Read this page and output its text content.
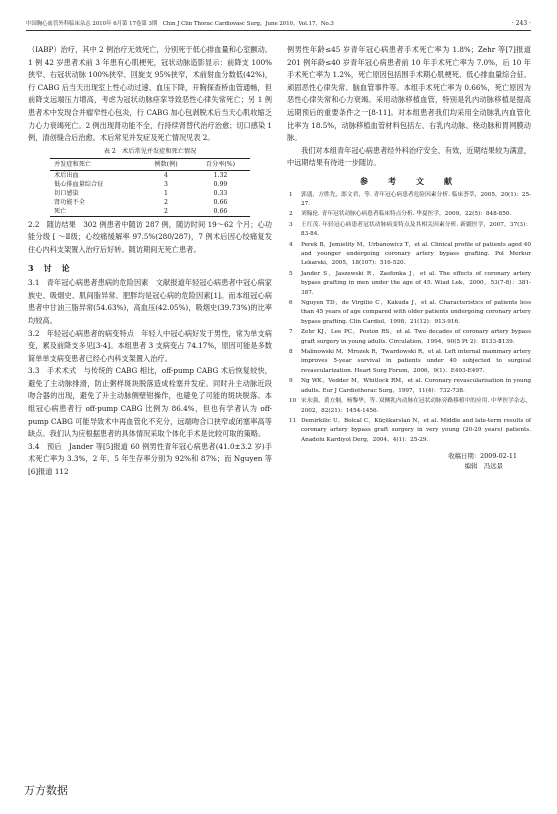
中国胸心血管外科临床杂志 2010年 6月第 17卷第 3期　Chin J Clin Thorac Cardiovasc Surg，June 2010，Vol.17，No.3	· 243 ·

（IABP）治疗，其中 2 例治疗无效死亡，分别死于低心排血量和心室颤动。1 例 42 岁患者术前 3 年患有心肌梗死，冠状动脉造影显示：前降支 100%狭窄、右冠状动脉 100%狭窄、回旋支 95%狭窄，术前射血分数低(42%)，行 CABG 后当天出现室上性心动过速、血压下降，开胸探查桥血管通畅，但前降支远端压力增高，考虑为冠状动脉痉挛导致恶性心律失常死亡；另 1 例患者术中发现合并瘤窄性心包炎，行 CABG 加心包剥脱术后当天心肌收缩乏力心力衰竭死亡。2 例出现肾功能不全，行持续肾替代治疗治愈；切口感染 1 例，清创缝合后治愈。术后常见并发症及死亡情况见表 2。

表 2　术后常见并发症和死亡情况
并发症和死亡	例数(例)	百分率(%)
术后出血	4	1.32
低心排血量综合征	3	0.99
切口感染	1	0.33
肾功能不全	2	0.66
死亡	2	0.66

2.2　随访结果　302 例患者中随访 287 例，随访时间 19～62 个月；心功能分级 [ ～Ⅱ级；心绞痛缓解率 97.5%(280/287)，7 例术后因心绞痛复发住心内科支架置入治疗后好转。随访期间无死亡患者。

3　讨　论

3.1　青年冠心病患者患病的危险因素　文献报道年轻冠心病患者中冠心病家族史、吸烟史、肌间脂异常、肥胖均是冠心病的危险因素[1]。而本组冠心病患者中甘油三脂异常(54.63%)，高血压(42.05%)，吸烟史(39.73%)的比率均较高。

3.2　年轻冠心病患者的病变特点　年轻人中冠心病好发于男性，常为单支病变，累及前降支多见[3-4]。本组患者 3 支病变占 74.17%，原因可能是多数简单单支病变患者已经心内科支架置入治疗。

3.3　手术术式　与传统的 CABG 相比，off-pump CABG 术后恢复较快，避免了主动脉排滑，防止粥样斑块脱落造成栓塞并发症。同时升主动脉近段吻合器的出现，避免了升主动脉侧壁钳操作，也避免了可能的斑块脱落。本组冠心病患者行 off-pump CABG 比例为 86.4%，但也有学者认为 off-pump CABG 可能导致术中再血管化不充分，远端吻合口狭窄或闭塞率高等缺点。我们认为应根据患者的具体情况采取个体化手术是比较可取的策略。

3.4　预后　Jander 等[5]报道 60 例男性青年冠心病患者(41.0±3.2 岁)手术死亡率为 3.3%，2 年、5 年生存率分别为 92%和 87%；而 Nguyen 等[6]报道 112

例男性年龄≤45 岁青年冠心病患者手术死亡率为 1.8%；Zehr 等[7]报道 201 例年龄≤40 岁青年冠心病患者前 10 年手术死亡率为 7.0%，后 10 年手术死亡率为 1.2%，死亡原因包括围手术期心肌梗死、低心排血量综合征、顽固恶性心律失常、脑血管事件等。本组手术死亡率为 0.66%，死亡原因为恶性心律失常和心力衰竭。采用动脉移植血管，特别是乳内动脉移植是提高远期预后的重要条件之一[8-11]。对本组患者我们均采用全动脉乳内血管化比率为 18.5%，动脉移植血管材料包括左、右乳内动脉、桡动脉和胃网膜动脉。

我们对本组青年冠心病患者经外科治疗安全、有效，近期结果较为满意，中远期结果有待进一步随访。

参　考　文　献
1 郭盛，方胜先，郎文君，等. 青年冠心病患者危险因素分析. 临床荟萃，2005，20(1)：25-27.
2 刘翰伦. 青年冠状动脉心病患者临床特点分析. 华夏医学，2009，22(5)：848-850.
3 王红茂. 年轻冠心病患者冠状动脉病变特点及其相关因素分析. 新疆医学，2007，37(3)：83-84.
4 Perek B，Jemielity M，Urbanowicz T，et al. Clinical profile of patients aged 40 and younger undergoing coronary artery bypass grafting. Pol Merkur Lekarski，2005，18(107)：516-520.
5 Jander S，Jaszewski R，Zasfonka J，et al. The effects of coronary artery bypass grafting in men under the age of 45. Wiad Lek，2000，53(7-8)：381-387.
6 Nguyen TD，de Virgilio C，Kakuda J，et al. Characteristics of patients less than 45 years of age compared with older patients undergoing coronary artery bypass grafting. Clin Cardiol，1998，21(12)：913-916.
7 Zehr KJ，Lee PC，Poston RS，et al. Two decades of coronary artery bypass graft surgery in young adults. Circulation，1994，90(5 Pt 2)：Ⅱ133-Ⅱ139.
8 Malinowski M，Mrozek R，Twardowski R，et al. Left internal mammary artery improves 5-year survival in patients under 40 subjected to surgical revascularization. Heart Surg Forum，2006，9(1)：E493-E497.
9 Ng WK，Vedder M，Whitlock RM，et al. Coronary revascularisation in young adults. Eur J Cardiothorac Surg，1997，11(4)：732-738.
10 宋永强，黄方炯，杨黎华，等. 双侧乳内动脉在冠状动脉旁路移植中的应用. 中华医学杂志，2002，82(21)：1454-1456.
11 Demirkilic U，Bolcal C，Küçükarslan N，et al. Middle and late-term results of coronary artery bypass graft surgery in very young (20-29 years) patients. Anadolu Kardiyol Derg，2004，4(1)：25-29.
收稿日期：2009-02-11
编辑　冯远景
万方数据
